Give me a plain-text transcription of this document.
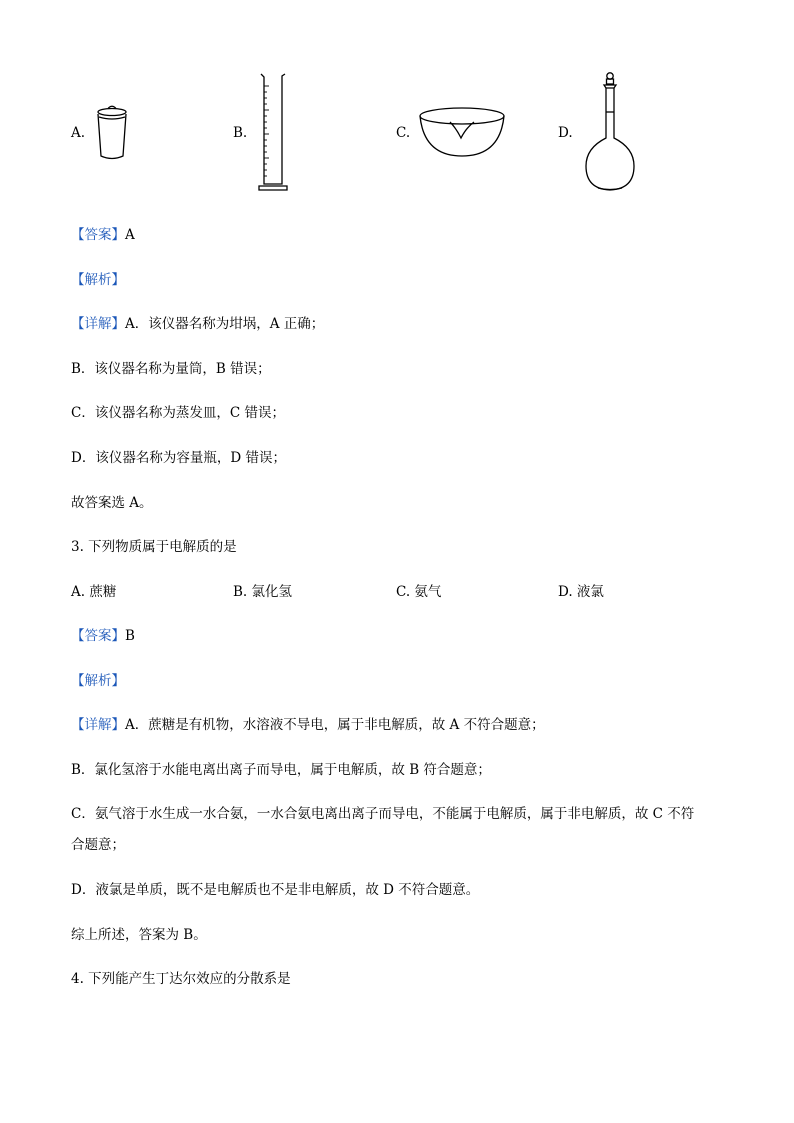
A.	B.	C.	D.
【答案】A
【解析】
【详解】A．该仪器名称为坩埚，A 正确；
B．该仪器名称为量筒，B 错误；
C．该仪器名称为蒸发皿，C 错误；
D．该仪器名称为容量瓶，D 错误；
故答案选 A。
3. 下列物质属于电解质的是
A. 蔗糖	B. 氯化氢	C. 氨气	D. 液氯
【答案】B
【解析】
【详解】A．蔗糖是有机物，水溶液不导电，属于非电解质，故 A 不符合题意；
B．氯化氢溶于水能电离出离子而导电，属于电解质，故 B 符合题意；
C．氨气溶于水生成一水合氨，一水合氨电离出离子而导电，不能属于电解质，属于非电解质，故 C 不符
合题意；
D．液氯是单质，既不是电解质也不是非电解质，故 D 不符合题意。
综上所述，答案为 B。
4. 下列能产生丁达尔效应的分散系是
